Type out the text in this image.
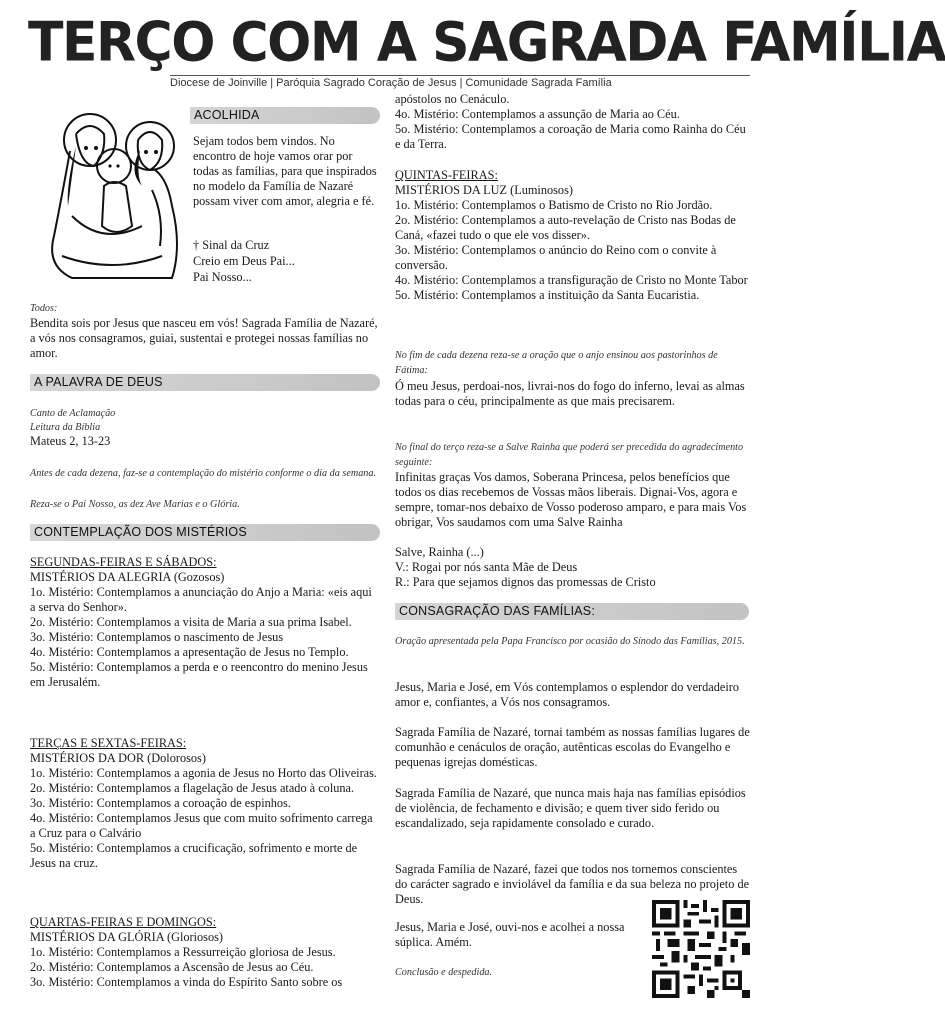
TERÇO COM A SAGRADA FAMÍLIA
Diocese de Joinville | Paróquia Sagrado Coração de Jesus | Comunidade Sagrada Família
ACOLHIDA

Sejam todos bem vindos. No encontro de hoje vamos orar por todas as famílias, para que inspirados no modelo da Família de Nazaré possam viver com amor, alegria e fé.

† Sinal da Cruz

Creio em Deus Pai...

Pai Nosso...

Todos:

Bendita sois por Jesus que nasceu em vós! Sagrada Família de Nazaré, a vós nos consagramos, guiai, sustentai e protegei nossas famílias no amor.

A PALAVRA DE DEUS

Canto de Aclamação

Leitura da Bíblia

Mateus 2, 13-23

Antes de cada dezena, faz-se a contemplação do mistério conforme o dia da semana.

Reza-se o Pai Nosso, as dez Ave Marias e o Glória.

CONTEMPLAÇÃO DOS MISTÉRIOS

SEGUNDAS-FEIRAS E SÁBADOS:

MISTÉRIOS DA ALEGRIA (Gozosos)

1o. Mistério: Contemplamos a anunciação do Anjo a Maria: «eis aqui a serva do Senhor».

2o. Mistério: Contemplamos a visita de Maria a sua prima Isabel.

3o. Mistério: Contemplamos o nascimento de Jesus

4o. Mistério: Contemplamos a apresentação de Jesus no Templo.

5o. Mistério: Contemplamos a perda e o reencontro do menino Jesus em Jerusalém.

TERÇAS E SEXTAS-FEIRAS:

MISTÉRIOS DA DOR (Dolorosos)

1o. Mistério: Contemplamos a agonia de Jesus no Horto das Oliveiras.

2o. Mistério: Contemplamos a flagelação de Jesus atado à coluna.

3o. Mistério: Contemplamos a coroação de espinhos.

4o. Mistério: Contemplamos Jesus que com muito sofrimento carrega a Cruz para o Calvário

5o. Mistério: Contemplamos a crucificação, sofrimento e morte de Jesus na cruz.

QUARTAS-FEIRAS E DOMINGOS:

MISTÉRIOS DA GLÓRIA (Gloriosos)

1o. Mistério: Contemplamos a Ressurreição gloriosa de Jesus.

2o. Mistério: Contemplamos a Ascensão de Jesus ao Céu.

3o. Mistério: Contemplamos a vinda do Espírito Santo sobre os

apóstolos no Cenáculo.

4o. Mistério: Contemplamos a assunção de Maria ao Céu.

5o. Mistério: Contemplamos a coroação de Maria como Rainha do Céu e da Terra.

QUINTAS-FEIRAS:

MISTÉRIOS DA LUZ (Luminosos)

1o. Mistério: Contemplamos o Batismo de Cristo no Rio Jordão.

2o. Mistério: Contemplamos a auto-revelação de Cristo nas Bodas de Caná, «fazei tudo o que ele vos disser».

3o. Mistério: Contemplamos o anúncio do Reino com o convite à conversão.

4o. Mistério: Contemplamos a transfiguração de Cristo no Monte Tabor

5o. Mistério: Contemplamos a instituição da Santa Eucaristia.

No fim de cada dezena reza-se a oração que o anjo ensinou aos pastorinhos de Fátima:

Ó meu Jesus, perdoai-nos, livrai-nos do fogo do inferno, levai as almas todas para o céu, principalmente as que mais precisarem.

No final do terço reza-se a Salve Rainha que poderá ser precedida do agradecimento seguinte:

Infinitas graças Vos damos, Soberana Princesa, pelos benefícios que todos os dias recebemos de Vossas mãos liberais. Dignai-Vos, agora e sempre, tomar-nos debaixo de Vosso poderoso amparo, e para mais Vos obrigar, Vos saudamos com uma Salve Rainha

Salve, Rainha (...)

V.: Rogai por nós santa Mãe de Deus

R.: Para que sejamos dignos das promessas de Cristo

CONSAGRAÇÃO DAS FAMÍLIAS:

Oração apresentada pela Papa Francisco por ocasião do Sínodo das Famílias, 2015.

Jesus, Maria e José, em Vós contemplamos o esplendor do verdadeiro amor e, confiantes, a Vós nos consagramos.

Sagrada Família de Nazaré, tornai também as nossas famílias lugares de comunhão e cenáculos de oração, autênticas escolas do Evangelho e pequenas igrejas domésticas.

Sagrada Família de Nazaré, que nunca mais haja nas famílias episódios de violência, de fechamento e divisão; e quem tiver sido ferido ou escandalizado, seja rapidamente consolado e curado.

Sagrada Família de Nazaré, fazei que todos nos tornemos conscientes do carácter sagrado e inviolável da família e da sua beleza no projeto de Deus.

Jesus, Maria e José, ouvi-nos e acolhei a nossa súplica. Amém.

Conclusão e despedida.
